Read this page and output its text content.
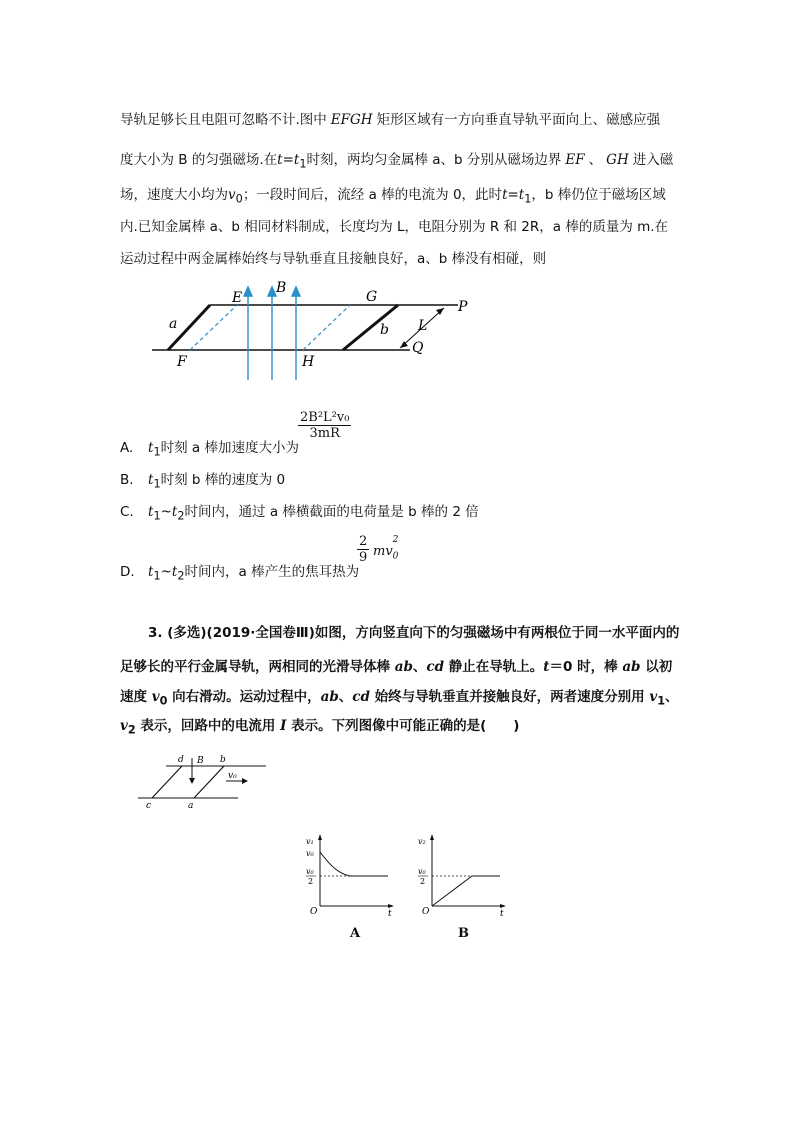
导轨足够长且电阻可忽略不计.图中 EFGH 矩形区域有一方向垂直导轨平面向上、磁感应强
度大小为 B 的匀强磁场.在$t=t_1$时刻，两均匀金属棒 a、b 分别从磁场边界 EF 、 GH 进入磁
场，速度大小均为$v_0$；一段时间后，流经 a 棒的电流为 0，此时$t=t_1$，b 棒仍位于磁场区域
内.已知金属棒 a、b 相同材料制成，长度均为 L，电阻分别为 R 和 2R，a 棒的质量为 m.在
运动过程中两金属棒始终与导轨垂直且接触良好，a、b 棒没有相碰，则
E
B
G
P
a	b L
Q
F	H
$\frac{\text{2B²L²v₀}}{3mR}$
A. $t_1$时刻 a 棒加速度大小为
B. $t_1$时刻 b 棒的速度为 0
C. $t_1\sim t_2$时间内，通过 a 棒横截面的电荷量是 b 棒的 2 倍
$\frac{2}{9}$ mv
2
$_0$
D. $t_1\sim t_2$时间内，a 棒产生的焦耳热为
3. (多选)(2019·全国卷Ⅲ)如图，方向竖直向下的匀强磁场中有两根位于同一水平面内的
足够长的平行金属导轨，两相同的光滑导体棒 ab、cd 静止在导轨上。t＝0 时，棒 ab 以初
速度 $v_0$ 向右滑动。运动过程中，ab、cd 始终与导轨垂直并接触良好，两者速度分别用 $v_1$、
$v_2$ 表示，回路中的电流用 I 表示。下列图像中可能正确的是(　　)
d B b
v₀
c	a
v₁
v₀
v₀
2
O	t
A
v₂
v₀
2
O	t
B
